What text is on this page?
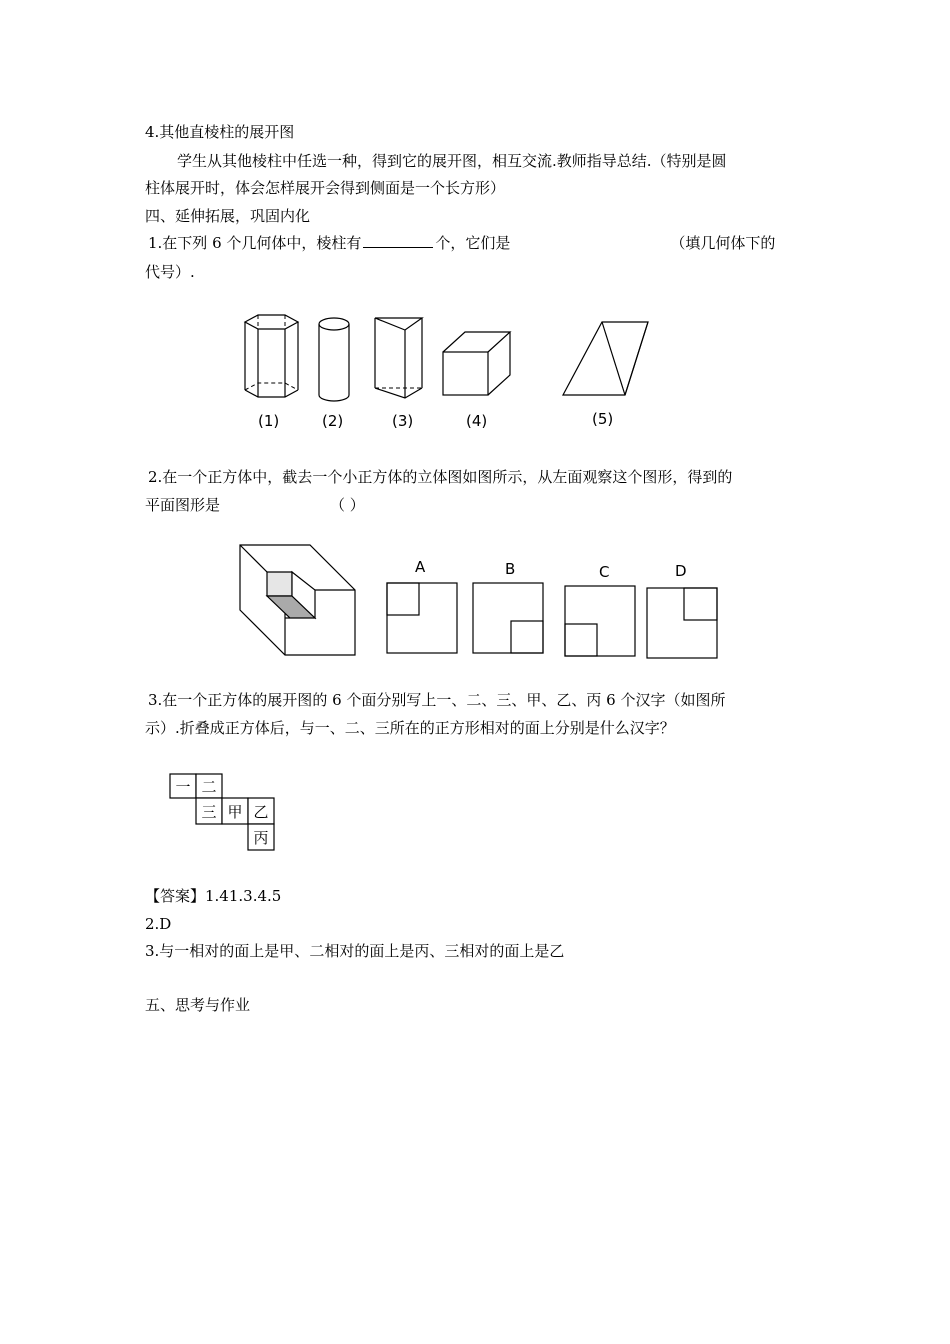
4.其他直棱柱的展开图
学生从其他棱柱中任选一种，得到它的展开图，相互交流.教师指导总结.（特别是圆
柱体展开时，体会怎样展开会得到侧面是一个长方形）
四、延伸拓展，巩固内化
1.在下列 6 个几何体中，棱柱有	个，它们是	（填几何体下的
代号）.
(1)	(2)	(3)	(4)	(5)
2.在一个正方体中，截去一个小正方体的立体图如图所示，从左面观察这个图形，得到的
平面图形是	（ ）
A	B	C	D
3.在一个正方体的展开图的 6 个面分别写上一、二、三、甲、乙、丙 6 个汉字（如图所
示）.折叠成正方体后，与一、二、三所在的正方形相对的面上分别是什么汉字？
一 二
三 甲 乙
丙
【答案】1.41.3.4.5
2.D
3.与一相对的面上是甲、二相对的面上是丙、三相对的面上是乙
五、思考与作业
